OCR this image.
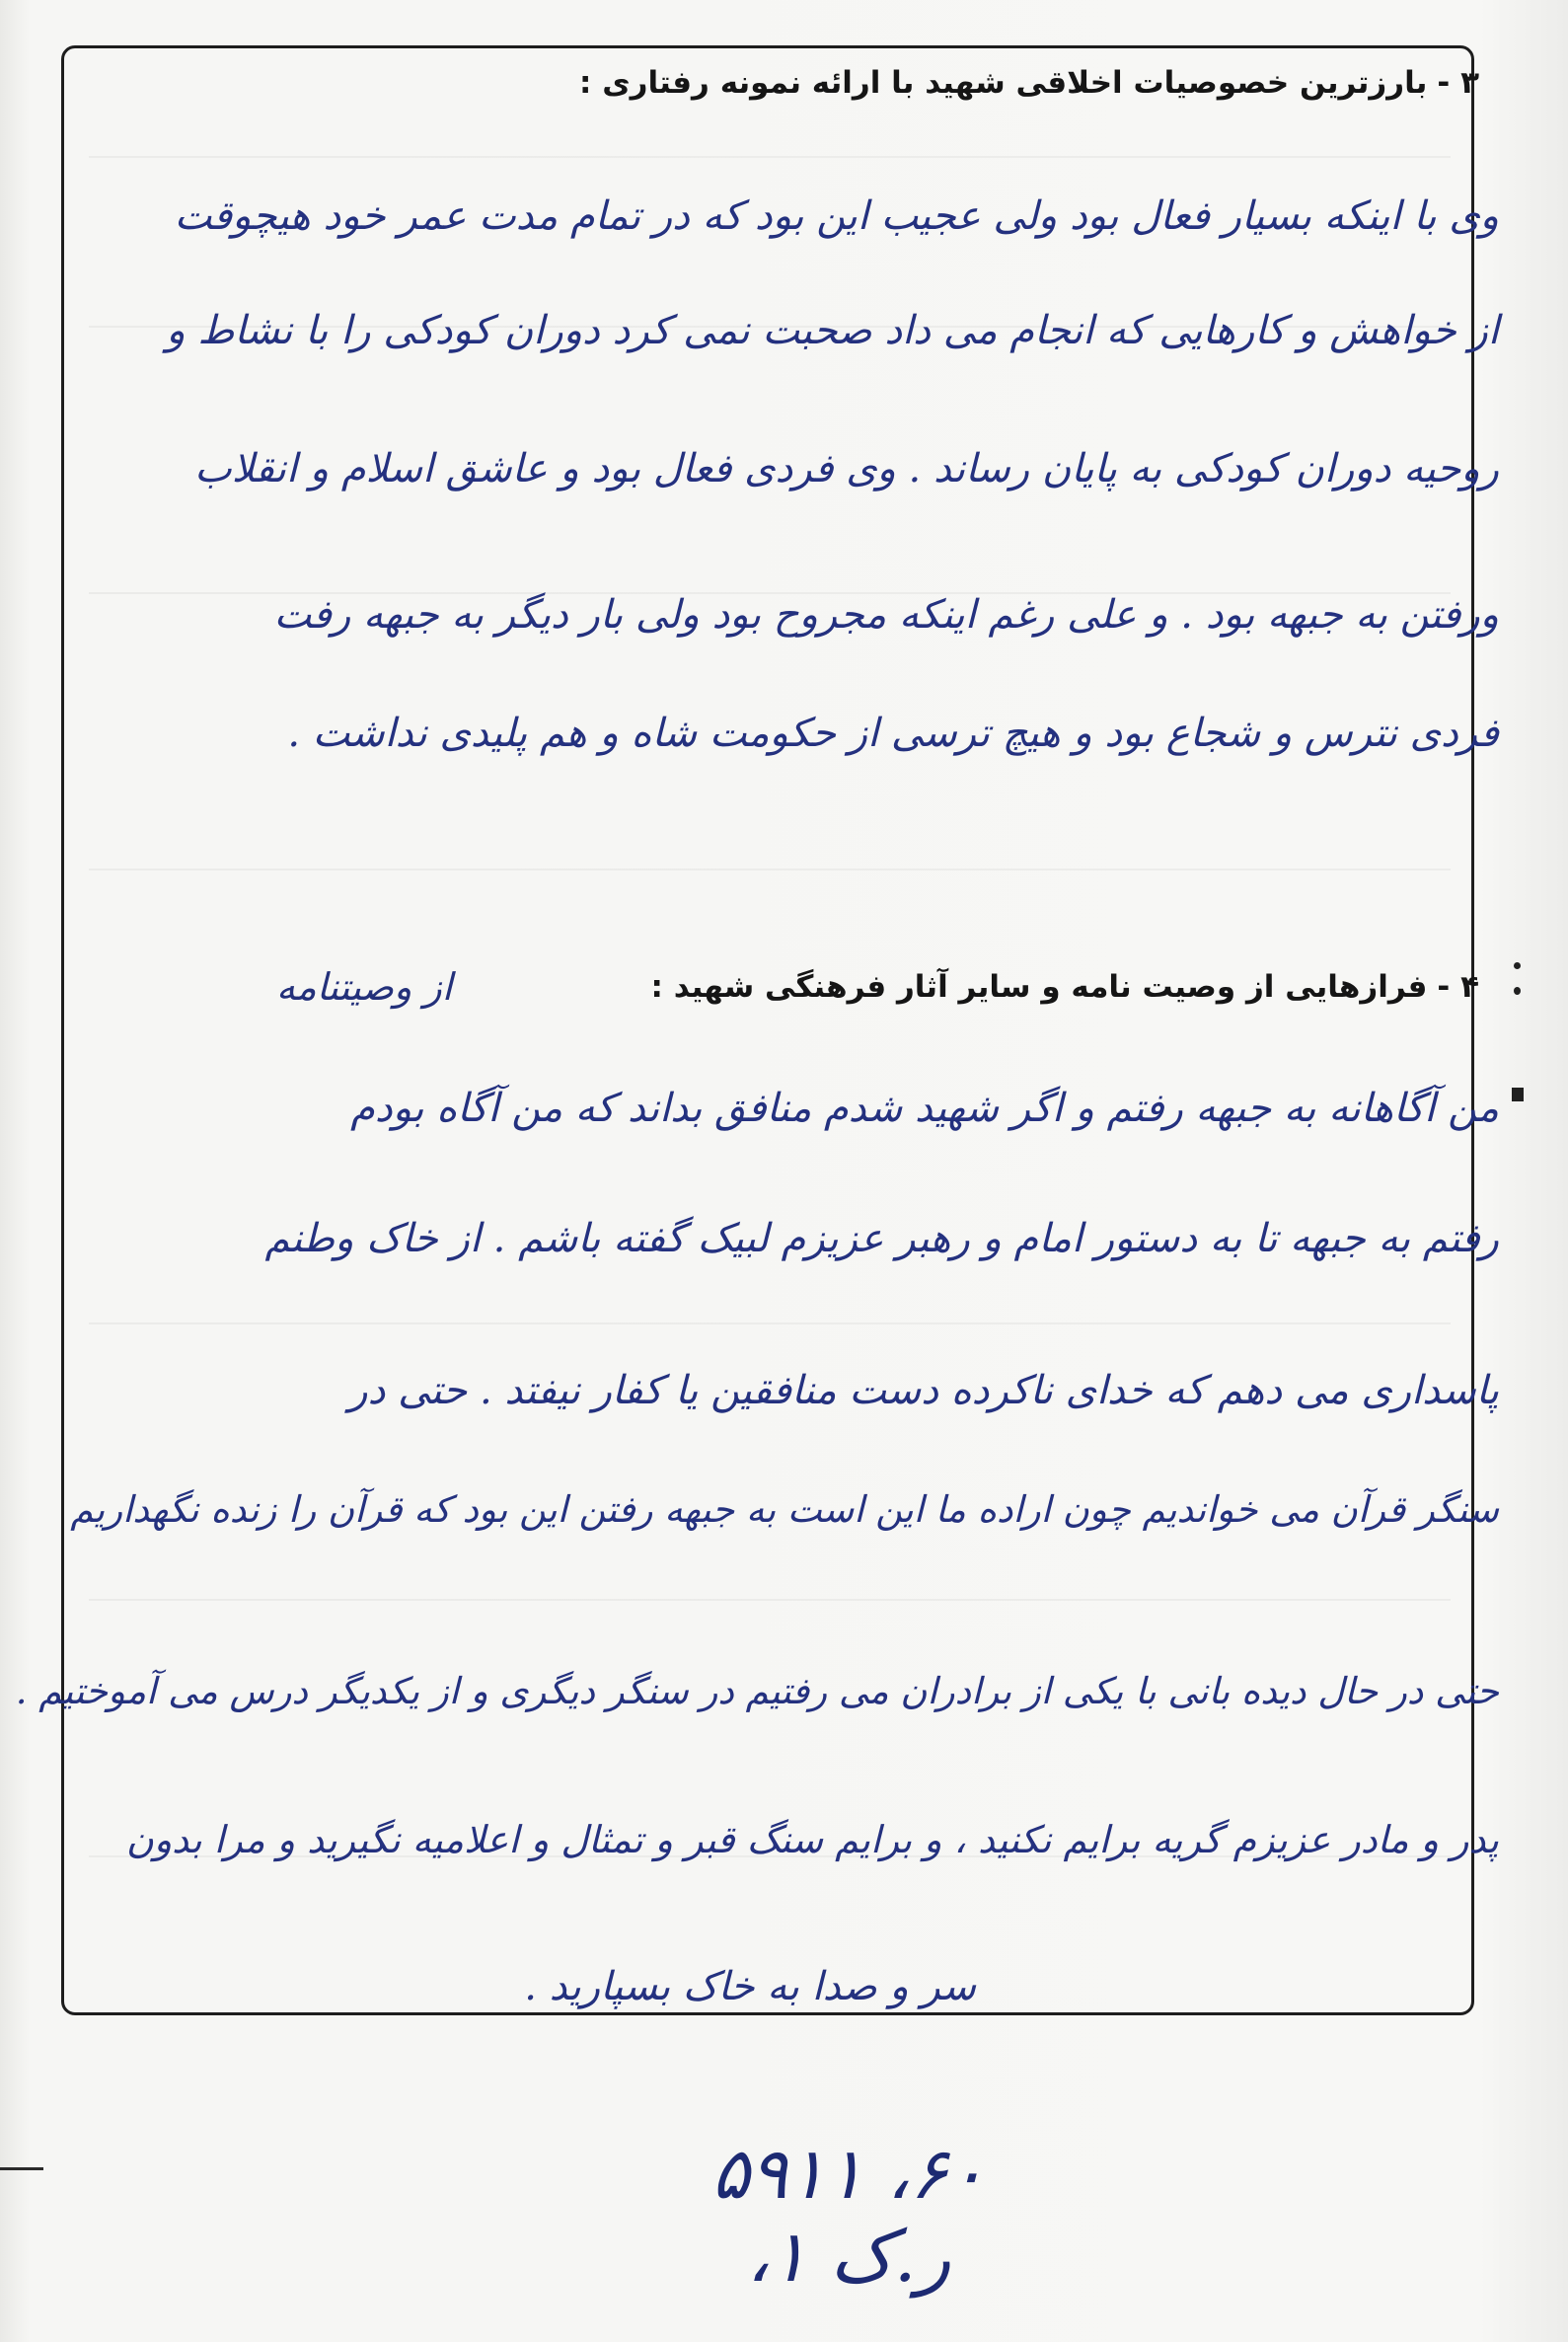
۳ -بارزترین خصوصیات اخلاقی شهید با ارائه نمونه رفتاری :
وی با اینکه بسیار فعال بود ولی عجیب این بود که در تمام مدت عمر خود هیچوقت
از خواهش و کارهایی که انجام می داد صحبت نمی کرد دوران کودکی را با نشاط و
روحیه دوران کودکی به پایان رساند . وی فردی فعال بود و عاشق اسلام و انقلاب
ورفتن به جبهه بود . و علی رغم اینکه مجروح بود ولی بار دیگر به جبهه رفت
فردی نترس و شجاع بود و هیچ ترسی از حکومت شاه و هم پلیدی نداشت .
۴ -فرازهایی از وصیت نامه و سایر آثار فرهنگی شهید :
از وصیتنامه
من آگاهانه به جبهه رفتم و اگر شهید شدم منافق بداند که من آگاه بودم
رفتم به جبهه تا به دستور امام و رهبر عزیزم لبیک گفته باشم . از خاک وطنم
پاسداری می دهم که خدای ناکرده دست منافقین یا کفار نیفتد . حتی در
سنگر قرآن می خواندیم چون اراده ما این است به جبهه رفتن این بود که قرآن را زنده نگهداریم
حتی در حال دیده بانی با یکی از برادران می رفتیم در سنگر دیگری و از یکدیگر درس می آموختیم .
پدر و مادر عزیزم گریه برایم نکنید ، و برایم سنگ قبر و تمثال و اعلامیه نگیرید و مرا بدون
سر و صدا به خاک بسپارید .
۵۹۱۱ ،۶۰ ،۱ ر.ک
